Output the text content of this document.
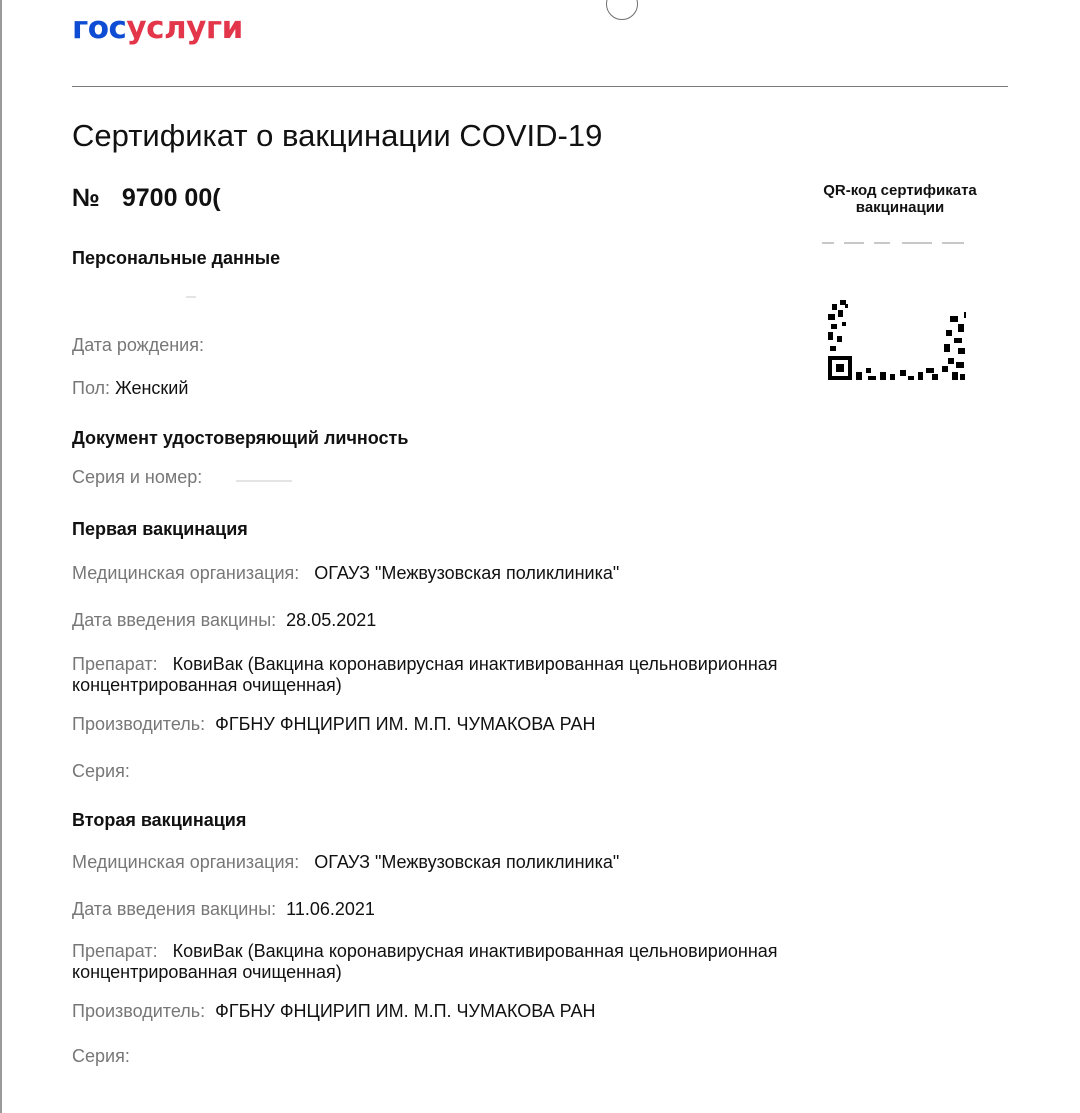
госуслуги
Сертификат о вакцинации COVID-19
№ 9700 00(	QR-код сертификата
вакцинации
Персональные данные
Дата рождения:
Пол: Женский
Документ удостоверяющий личность
Серия и номер:
Первая вакцинация
Медицинская организация: ОГАУЗ "Межвузовская поликлиника"
Дата введения вакцины: 28.05.2021
Препарат: КовиВак (Вакцина коронавирусная инактивированная цельновирионная
концентрированная очищенная)
Производитель: ФГБНУ ФНЦИРИП ИМ. М.П. ЧУМАКОВА РАН
Серия:
Вторая вакцинация
Медицинская организация: ОГАУЗ "Межвузовская поликлиника"
Дата введения вакцины: 11.06.2021
Препарат: КовиВак (Вакцина коронавирусная инактивированная цельновирионная
концентрированная очищенная)
Производитель: ФГБНУ ФНЦИРИП ИМ. М.П. ЧУМАКОВА РАН
Серия:
